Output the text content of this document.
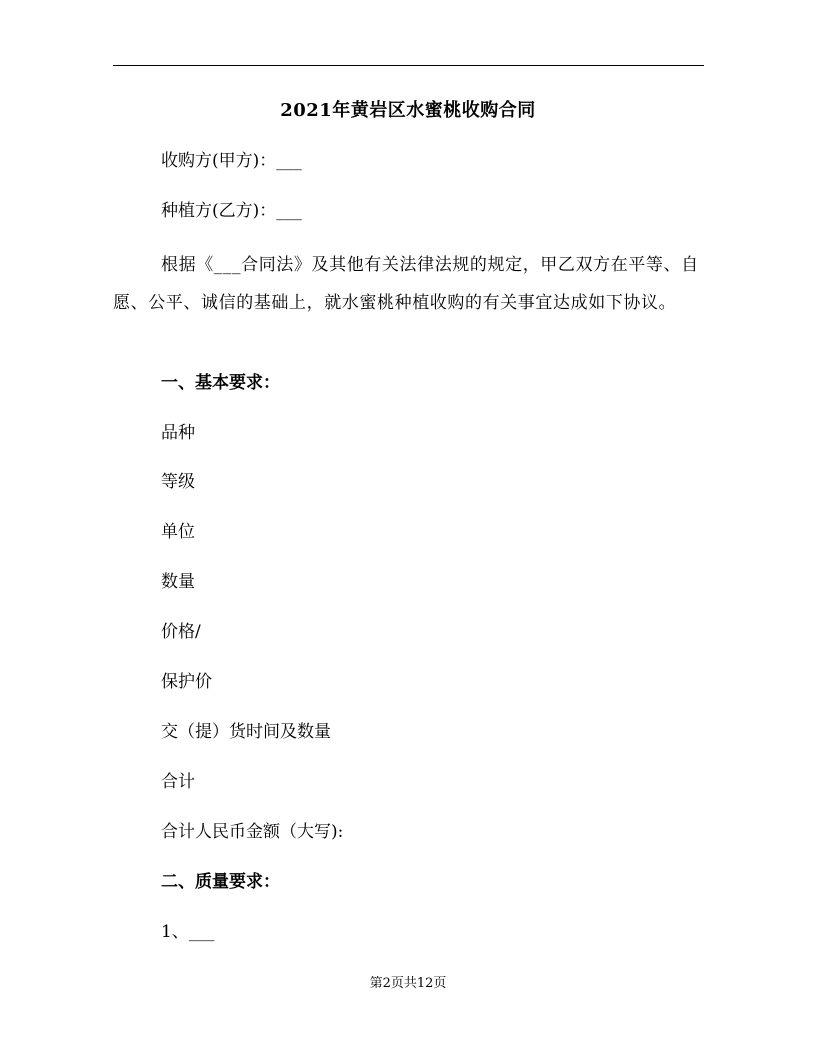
2021年黄岩区水蜜桃收购合同
收购方(甲方)：___
种植方(乙方)：___
根据《___合同法》及其他有关法律法规的规定，甲乙双方在平等、自愿、公平、诚信的基础上，就水蜜桃种植收购的有关事宜达成如下协议。
一、基本要求：
品种
等级
单位
数量
价格/
保护价
交（提）货时间及数量
合计
合计人民币金额（大写):
二、质量要求：
1、___
第2页共12页
